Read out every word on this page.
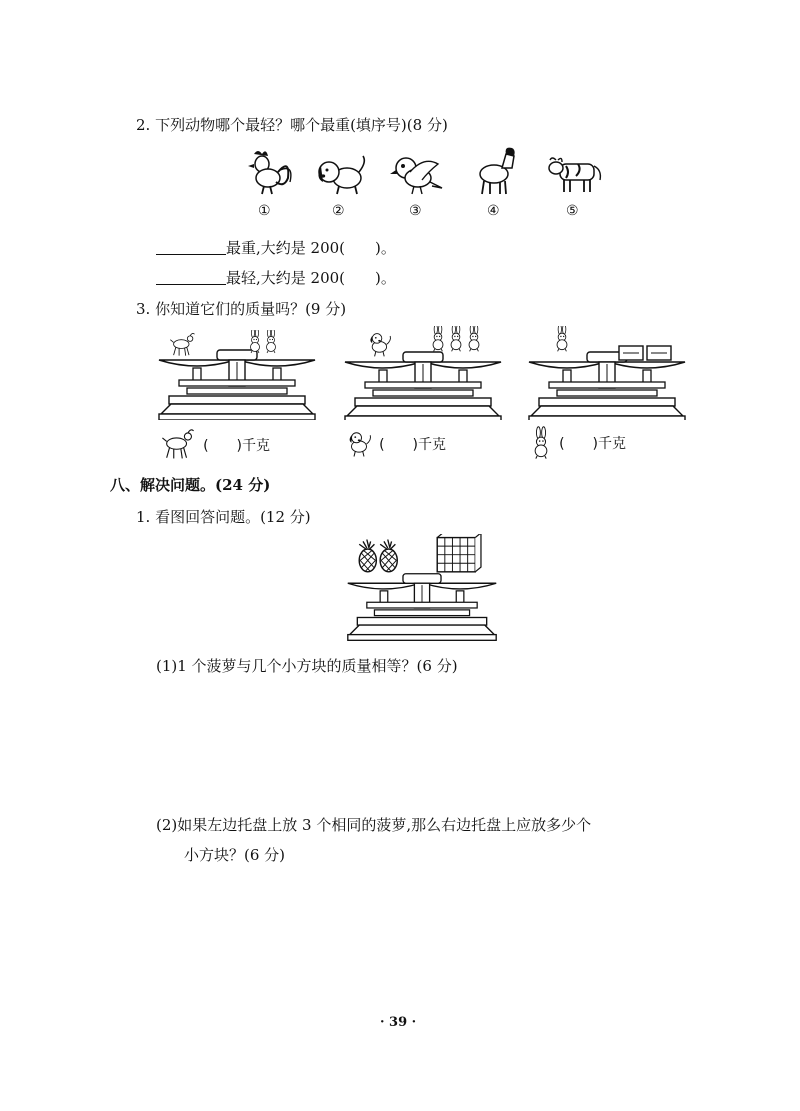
2. 下列动物哪个最轻？哪个最重(填序号)(8 分)
①	②	③	④	⑤
最重,大约是 200(　　)。
最轻,大约是 200(　　)。
3. 你知道它们的质量吗？(9 分)
(　　)千克	(　　)千克	(　　)千克
八、解决问题。(24 分)
1. 看图回答问题。(12 分)
(1)1 个菠萝与几个小方块的质量相等？(6 分)
(2)如果左边托盘上放 3 个相同的菠萝,那么右边托盘上应放多少个
小方块？(6 分)
· 39 ·
